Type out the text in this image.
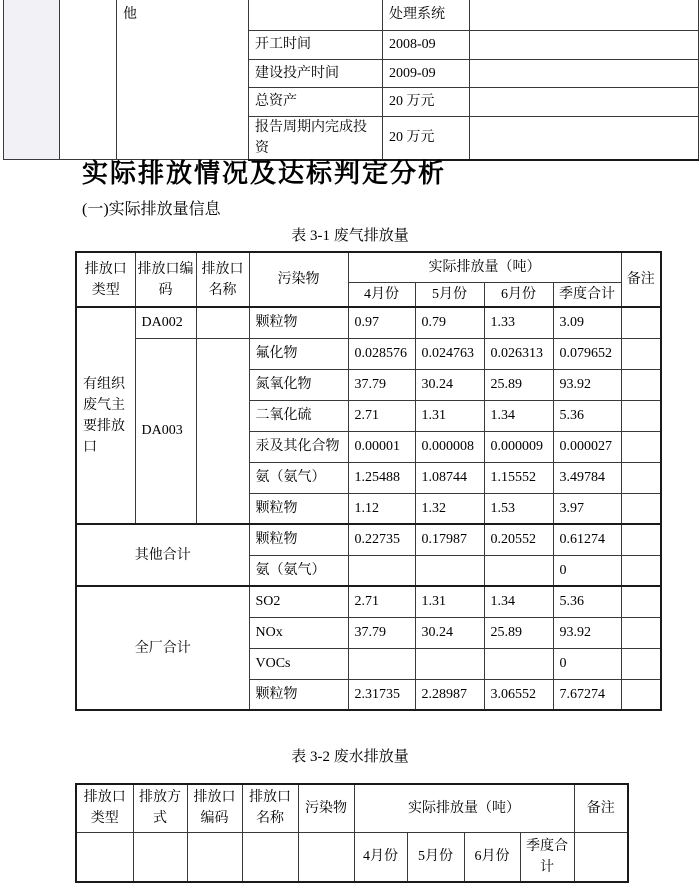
		他		处理系统	
			开工时间	2008-09	
			建设投产时间	2009-09	
			总资产	20 万元	
			报告周期内完成投资	20 万元	
实际排放情况及达标判定分析
(一)实际排放量信息
表 3-1 废气排放量
排放口类型	排放口编码	排放口名称	污染物	实际排放量（吨）				备注
				4月份	5月份	6月份	季度合计	
有组织废气主要排放口	DA002		颗粒物	0.97	0.79	1.33	3.09	
	DA003		氟化物	0.028576	0.024763	0.026313	0.079652	
			氮氧化物	37.79	30.24	25.89	93.92	
			二氧化硫	2.71	1.31	1.34	5.36	
			汞及其化合物	0.00001	0.000008	0.000009	0.000027	
			氨（氨气）	1.25488	1.08744	1.15552	3.49784	
			颗粒物	1.12	1.32	1.53	3.97	
其他合计			颗粒物	0.22735	0.17987	0.20552	0.61274	
			氨（氨气）				0	
全厂合计			SO2	2.71	1.31	1.34	5.36	
			NOx	37.79	30.24	25.89	93.92	
			VOCs				0	
			颗粒物	2.31735	2.28987	3.06552	7.67274	
表 3-2 废水排放量
排放口类型	排放方式	排放口编码	排放口名称	污染物	实际排放量（吨）				备注
					4月份	5月份	6月份	季度合计	
